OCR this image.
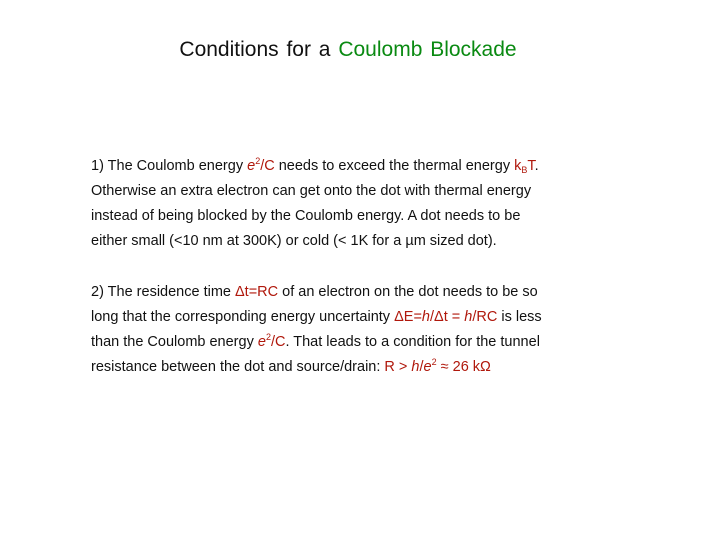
Conditions for a Coulomb Blockade
1) The Coulomb energy $e^2/C$ needs to exceed the thermal energy $k_BT$.
Otherwise an extra electron can get onto the dot with thermal energy
instead of being blocked by the Coulomb energy. A dot needs to be
either small (<10 nm at 300K) or cold (< 1K for a µm sized dot).
2) The residence time Δt=RC of an electron on the dot needs to be so
long that the corresponding energy uncertainty ΔE=h/Δt = h/RC is less
than the Coulomb energy $e^2/C$. That leads to a condition for the tunnel
resistance between the dot and source/drain: $R > h/e^2 \approx 26$ kΩ
